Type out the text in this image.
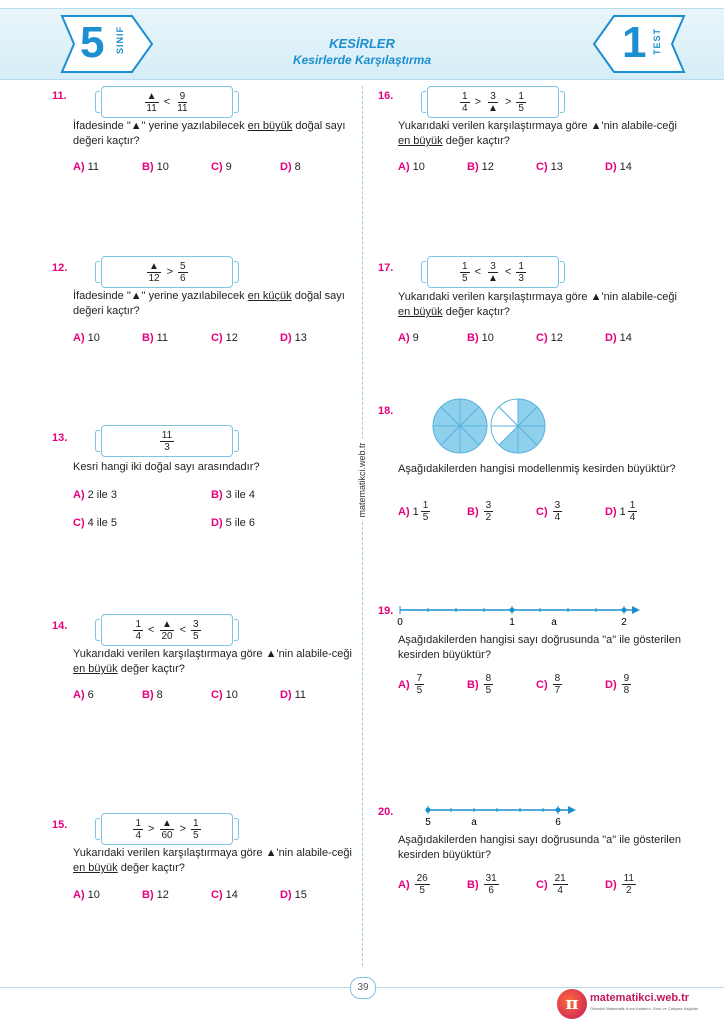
5 SINIF	KESİRLER
Kesirlerde Karşılaştırma	1 TEST
matematikci.web.tr
11.	$\frac{▲}{11} < \frac{9}{11}$
İfadesinde "▲" yerine yazılabilecek en büyük doğal sayı değeri kaçtır?
A) 11	B) 10	C) 9	D) 8
12.	$\frac{▲}{12} > \frac{5}{6}$
İfadesinde "▲" yerine yazılabilecek en küçük doğal sayı değeri kaçtır?
A) 10	B) 11	C) 12	D) 13
13.	$\frac{11}{3}$
Kesri hangi iki doğal sayı arasındadır?
A) 2 ile 3	B) 3 ile 4
C) 4 ile 5	D) 5 ile 6
14.	$\frac{1}{4} < \frac{▲}{20} < \frac{3}{5}$
Yukarıdaki verilen karşılaştırmaya göre ▲'nin alabile-ceği en büyük değer kaçtır?
A) 6	B) 8	C) 10	D) 11
15.	$\frac{1}{4} > \frac{▲}{60} > \frac{1}{5}$
Yukarıdaki verilen karşılaştırmaya göre ▲'nin alabile-ceği en büyük değer kaçtır?
A) 10	B) 12	C) 14	D) 15
16.	$\frac{1}{4} > \frac{3}{▲} > \frac{1}{5}$
Yukarıdaki verilen karşılaştırmaya göre ▲'nin alabile-ceği en büyük değer kaçtır?
A) 10	B) 12	C) 13	D) 14
17.	$\frac{1}{5} < \frac{3}{▲} < \frac{1}{3}$
Yukarıdaki verilen karşılaştırmaya göre ▲'nin alabile-ceği en büyük değer kaçtır?
A) 9	B) 10	C) 12	D) 14
18.
Aşağıdakilerden hangisi modellenmiş kesirden büyüktür?
A) $1 \frac{1}{5}$	$B) \frac{3}{2}$	$C) \frac{3}{4}$	D) $1 \frac{1}{4}$
19.
0	1	a	2
Aşağıdakilerden hangisi sayı doğrusunda "a" ile gösterilen kesirden büyüktür?
$A) \frac{7}{5}$	$B) \frac{8}{5}$	$C) \frac{8}{7}$	$D) \frac{9}{8}$
20.
5	a	6
Aşağıdakilerden hangisi sayı doğrusunda "a" ile gösterilen kesirden büyüktür?
$A) \frac{26}{5}$	$B) \frac{31}{6}$	$C) \frac{21}{4}$	$D) \frac{11}{2}$
39
π	matematikci.web.tr
Ortaokul Matematik Konu Anlatımı, Soru ve Çalışma Kağıtları
